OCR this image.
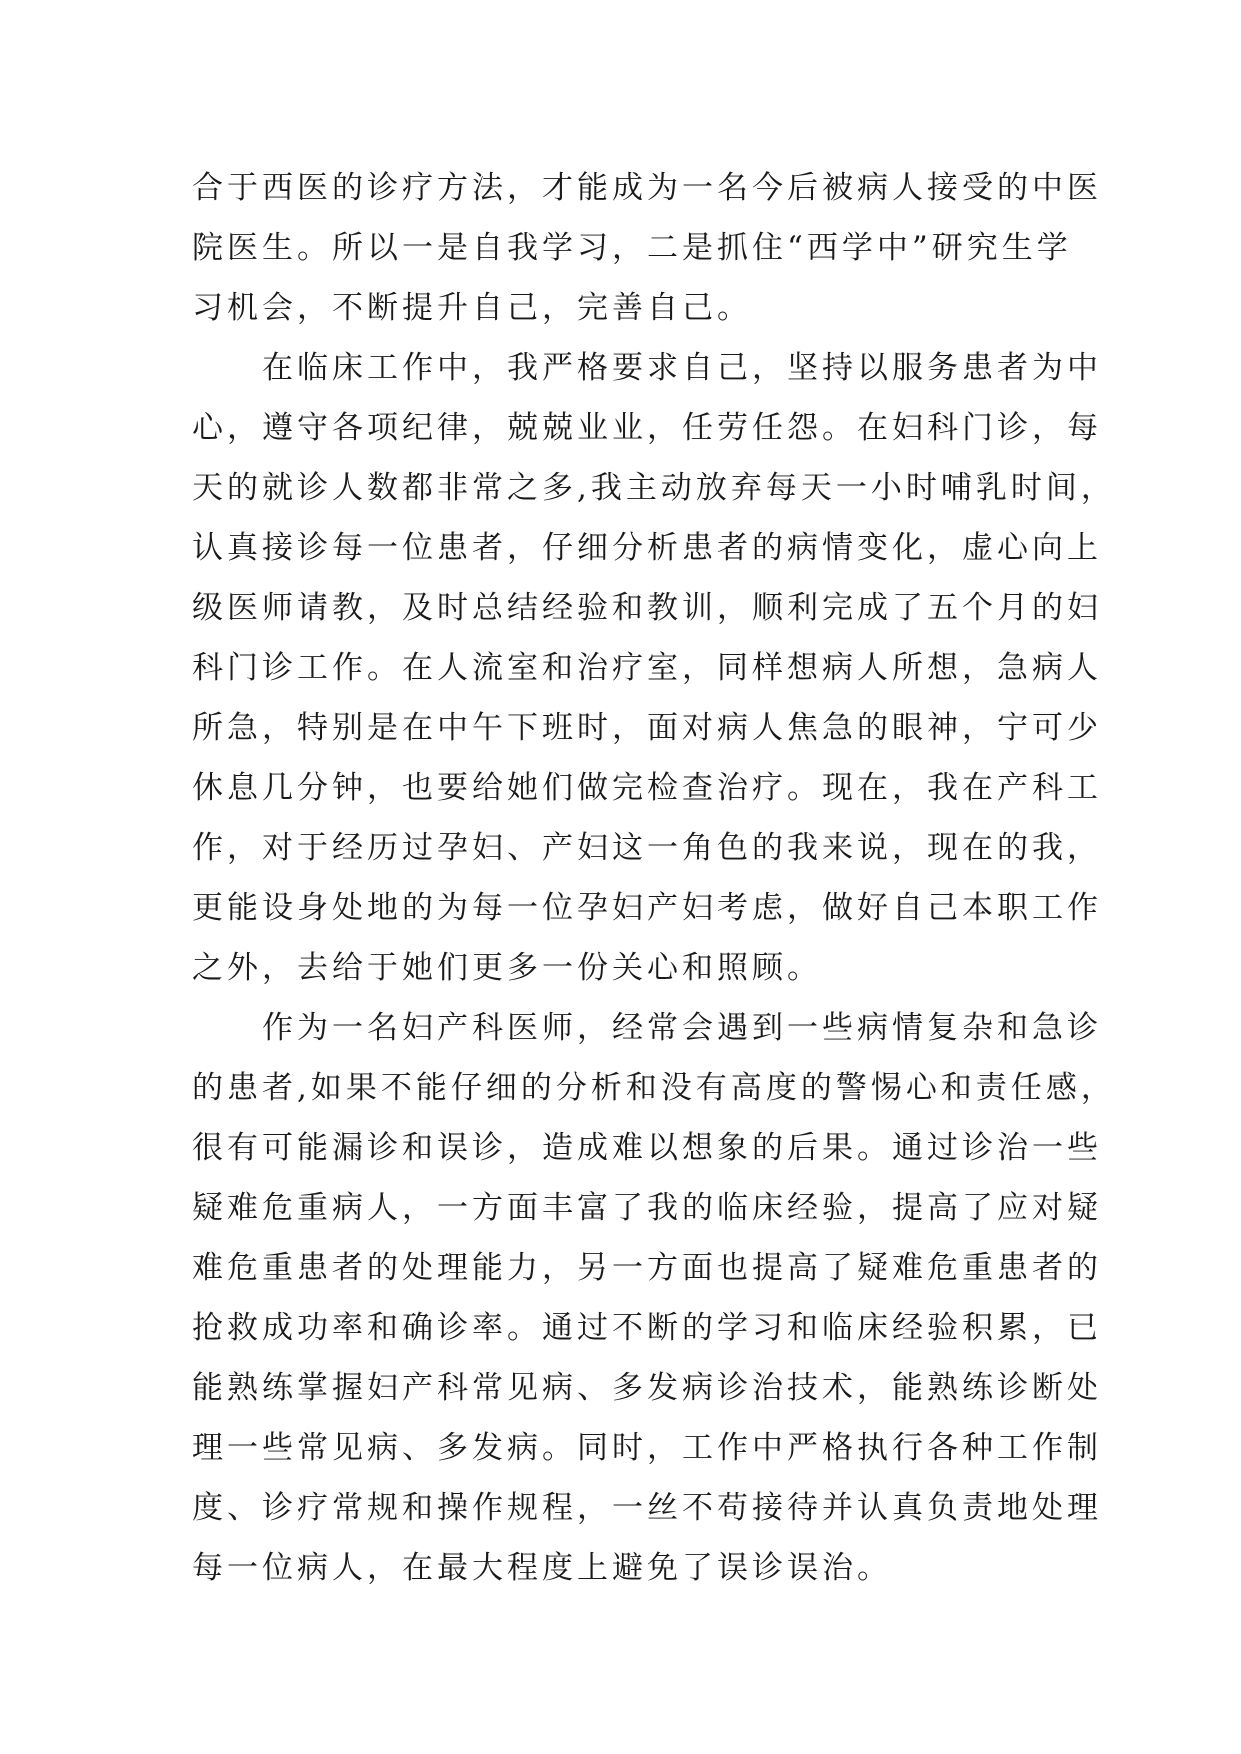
合于西医的诊疗方法，才能成为一名今后被病人接受的中医
院医生。所以一是自我学习，二是抓住“西学中”研究生学
习机会，不断提升自己，完善自己。
　　在临床工作中，我严格要求自己，坚持以服务患者为中
心，遵守各项纪律，兢兢业业，任劳任怨。在妇科门诊，每
天的就诊人数都非常之多,我主动放弃每天一小时哺乳时间，
认真接诊每一位患者，仔细分析患者的病情变化，虚心向上
级医师请教，及时总结经验和教训，顺利完成了五个月的妇
科门诊工作。在人流室和治疗室，同样想病人所想，急病人
所急，特别是在中午下班时，面对病人焦急的眼神，宁可少
休息几分钟，也要给她们做完检查治疗。现在，我在产科工
作，对于经历过孕妇、产妇这一角色的我来说，现在的我，
更能设身处地的为每一位孕妇产妇考虑，做好自己本职工作
之外，去给于她们更多一份关心和照顾。
　　作为一名妇产科医师，经常会遇到一些病情复杂和急诊
的患者,如果不能仔细的分析和没有高度的警惕心和责任感，
很有可能漏诊和误诊，造成难以想象的后果。通过诊治一些
疑难危重病人，一方面丰富了我的临床经验，提高了应对疑
难危重患者的处理能力，另一方面也提高了疑难危重患者的
抢救成功率和确诊率。通过不断的学习和临床经验积累，已
能熟练掌握妇产科常见病、多发病诊治技术，能熟练诊断处
理一些常见病、多发病。同时，工作中严格执行各种工作制
度、诊疗常规和操作规程，一丝不苟接待并认真负责地处理
每一位病人，在最大程度上避免了误诊误治。
